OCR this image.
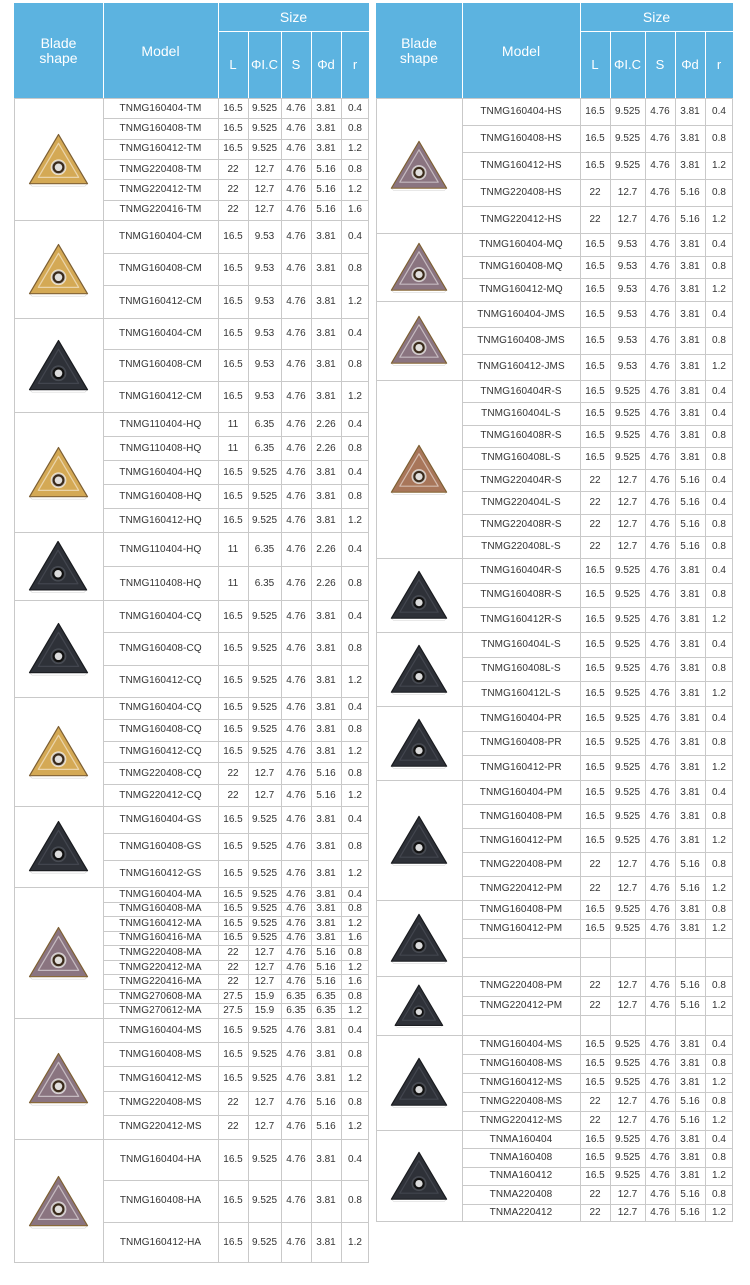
Blade shape	Model
Size
L	ΦI.C	S	Φd	r
TNMG160404-TM	16.5 9.525 4.76	3.81	0.4
TNMG160408-TM	16.5 9.525 4.76	3.81	0.8
TNMG160412-TM	16.5 9.525 4.76	3.81	1.2
TNMG220408-TM	22	12.7	4.76	5.16	0.8
TNMG220412-TM	22	12.7	4.76	5.16	1.2
TNMG220416-TM	22	12.7	4.76	5.16	1.6
TNMG160404-CM	16.5	9.53	4.76	3.81	0.4
TNMG160408-CM	16.5	9.53	4.76	3.81	0.8
TNMG160412-CM	16.5	9.53	4.76	3.81	1.2
TNMG160404-CM	16.5	9.53	4.76	3.81	0.4
TNMG160408-CM	16.5	9.53	4.76	3.81	0.8
TNMG160412-CM	16.5	9.53	4.76	3.81	1.2
TNMG110404-HQ	11	6.35	4.76	2.26	0.4
TNMG110408-HQ	11	6.35	4.76	2.26	0.8
TNMG160404-HQ	16.5 9.525 4.76	3.81	0.4
TNMG160408-HQ	16.5 9.525 4.76	3.81	0.8
TNMG160412-HQ	16.5 9.525 4.76	3.81	1.2
TNMG110404-HQ	11	6.35	4.76	2.26	0.4
TNMG110408-HQ	11	6.35	4.76	2.26	0.8
TNMG160404-CQ	16.5 9.525 4.76	3.81	0.4
TNMG160408-CQ	16.5 9.525 4.76	3.81	0.8
TNMG160412-CQ	16.5 9.525 4.76	3.81	1.2
TNMG160404-CQ	16.5 9.525 4.76	3.81	0.4
TNMG160408-CQ	16.5 9.525 4.76	3.81	0.8
TNMG160412-CQ	16.5 9.525 4.76	3.81	1.2
TNMG220408-CQ	22	12.7	4.76	5.16	0.8
TNMG220412-CQ	22	12.7	4.76	5.16	1.2
TNMG160404-GS	16.5 9.525 4.76	3.81	0.4
TNMG160408-GS	16.5 9.525 4.76	3.81	0.8
TNMG160412-GS	16.5 9.525 4.76	3.81	1.2
TNMG160404-MA	16.5 9.525 4.76	3.81	0.4
TNMG160408-MA	16.5 9.525 4.76	3.81	0.8
TNMG160412-MA	16.5 9.525 4.76	3.81	1.2
TNMG160416-MA	16.5 9.525 4.76	3.81	1.6
TNMG220408-MA	22	12.7	4.76	5.16	0.8
TNMG220412-MA	22	12.7	4.76	5.16	1.2
TNMG220416-MA	22	12.7	4.76	5.16	1.6
TNMG270608-MA	27.5	15.9	6.35	6.35	0.8
TNMG270612-MA	27.5	15.9	6.35	6.35	1.2
TNMG160404-MS	16.5 9.525 4.76	3.81	0.4
TNMG160408-MS	16.5 9.525 4.76	3.81	0.8
TNMG160412-MS	16.5 9.525 4.76	3.81	1.2
TNMG220408-MS	22	12.7	4.76	5.16	0.8
TNMG220412-MS	22	12.7	4.76	5.16	1.2
TNMG160404-HA	16.5 9.525 4.76	3.81	0.4
TNMG160408-HA	16.5 9.525 4.76	3.81	0.8
TNMG160412-HA	16.5 9.525 4.76	3.81	1.2
Blade shape	Model
Size
L	ΦI.C	S	Φd	r
TNMG160404-HS	16.5	9.525	4.76	3.81	0.4
TNMG160408-HS	16.5	9.525	4.76	3.81	0.8
TNMG160412-HS	16.5	9.525	4.76	3.81	1.2
TNMG220408-HS	22	12.7	4.76	5.16	0.8
TNMG220412-HS	22	12.7	4.76	5.16	1.2
TNMG160404-MQ	16.5	9.53	4.76	3.81	0.4
TNMG160408-MQ	16.5	9.53	4.76	3.81	0.8
TNMG160412-MQ	16.5	9.53	4.76	3.81	1.2
TNMG160404-JMS	16.5	9.53	4.76	3.81	0.4
TNMG160408-JMS	16.5	9.53	4.76	3.81	0.8
TNMG160412-JMS	16.5	9.53	4.76	3.81	1.2
TNMG160404R-S	16.5	9.525	4.76	3.81	0.4
TNMG160404L-S	16.5	9.525	4.76	3.81	0.4
TNMG160408R-S	16.5	9.525	4.76	3.81	0.8
TNMG160408L-S	16.5	9.525	4.76	3.81	0.8
TNMG220404R-S	22	12.7	4.76	5.16	0.4
TNMG220404L-S	22	12.7	4.76	5.16	0.4
TNMG220408R-S	22	12.7	4.76	5.16	0.8
TNMG220408L-S	22	12.7	4.76	5.16	0.8
TNMG160404R-S	16.5	9.525	4.76	3.81	0.4
TNMG160408R-S	16.5	9.525	4.76	3.81	0.8
TNMG160412R-S	16.5	9.525	4.76	3.81	1.2
TNMG160404L-S	16.5	9.525	4.76	3.81	0.4
TNMG160408L-S	16.5	9.525	4.76	3.81	0.8
TNMG160412L-S	16.5	9.525	4.76	3.81	1.2
TNMG160404-PR	16.5	9.525	4.76	3.81	0.4
TNMG160408-PR	16.5	9.525	4.76	3.81	0.8
TNMG160412-PR	16.5	9.525	4.76	3.81	1.2
TNMG160404-PM	16.5	9.525	4.76	3.81	0.4
TNMG160408-PM	16.5	9.525	4.76	3.81	0.8
TNMG160412-PM	16.5	9.525	4.76	3.81	1.2
TNMG220408-PM	22	12.7	4.76	5.16	0.8
TNMG220412-PM	22	12.7	4.76	5.16	1.2
TNMG160408-PM	16.5	9.525	4.76	3.81	0.8
TNMG160412-PM	16.5	9.525	4.76	3.81	1.2
TNMG220408-PM	22	12.7	4.76	5.16	0.8
TNMG220412-PM	22	12.7	4.76	5.16	1.2
TNMG160404-MS	16.5	9.525	4.76	3.81	0.4
TNMG160408-MS	16.5	9.525	4.76	3.81	0.8
TNMG160412-MS	16.5	9.525	4.76	3.81	1.2
TNMG220408-MS	22	12.7	4.76	5.16	0.8
TNMG220412-MS	22	12.7	4.76	5.16	1.2
TNMA160404	16.5	9.525	4.76	3.81	0.4
TNMA160408	16.5	9.525	4.76	3.81	0.8
TNMA160412	16.5	9.525	4.76	3.81	1.2
TNMA220408	22	12.7	4.76	5.16	0.8
TNMA220412	22	12.7	4.76	5.16	1.2
